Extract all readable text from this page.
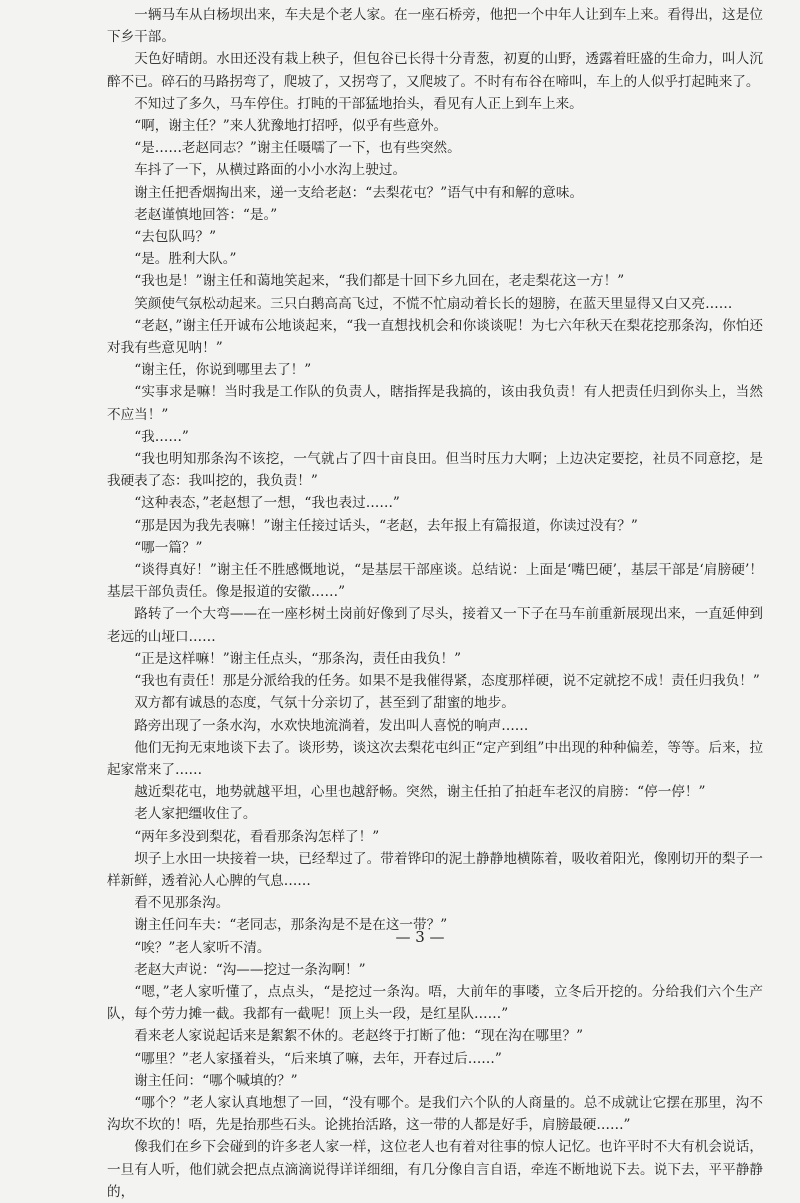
一辆马车从白杨坝出来，车夫是个老人家。在一座石桥旁，他把一个中年人让到车上来。看得出，这是位下乡干部。

天色好晴朗。水田还没有栽上秧子，但包谷已长得十分青葱，初夏的山野，透露着旺盛的生命力，叫人沉醉不已。碎石的马路拐弯了，爬坡了，又拐弯了，又爬坡了。不时有布谷在啼叫，车上的人似乎打起盹来了。

不知过了多久，马车停住。打盹的干部猛地抬头，看见有人正上到车上来。

“啊，谢主任？”来人犹豫地打招呼，似乎有些意外。

“是……老赵同志？”谢主任嗫嚅了一下，也有些突然。

车抖了一下，从横过路面的小小水沟上驶过。

谢主任把香烟掏出来，递一支给老赵：“去梨花屯？”语气中有和解的意味。

老赵谨慎地回答：“是。”

“去包队吗？”

“是。胜利大队。”

“我也是！”谢主任和蔼地笑起来，“我们都是十回下乡九回在，老走梨花这一方！”

笑颜使气氛松动起来。三只白鹅高高飞过，不慌不忙扇动着长长的翅膀，在蓝天里显得又白又亮……

“老赵，”谢主任开诚布公地谈起来，“我一直想找机会和你谈谈呢！为七六年秋天在梨花挖那条沟，你怕还对我有些意见呐！”

“谢主任，你说到哪里去了！”

“实事求是嘛！当时我是工作队的负责人，瞎指挥是我搞的，该由我负责！有人把责任归到你头上，当然不应当！”

“我……”

“我也明知那条沟不该挖，一气就占了四十亩良田。但当时压力大啊；上边决定要挖，社员不同意挖，是我硬表了态：我叫挖的，我负责！”

“这种表态，”老赵想了一想，“我也表过……”

“那是因为我先表嘛！”谢主任接过话头，“老赵，去年报上有篇报道，你读过没有？”

“哪一篇？”

“谈得真好！”谢主任不胜感慨地说，“是基层干部座谈。总结说：上面是‘嘴巴硬’，基层干部是‘肩膀硬’！基层干部负责任。像是报道的安徽……”

路转了一个大弯——在一座杉树土岗前好像到了尽头，接着又一下子在马车前重新展现出来，一直延伸到老远的山垭口……

“正是这样嘛！”谢主任点头，“那条沟，责任由我负！”

“我也有责任！那是分派给我的任务。如果不是我催得紧，态度那样硬，说不定就挖不成！责任归我负！”

双方都有诚恳的态度，气氛十分亲切了，甚至到了甜蜜的地步。

路旁出现了一条水沟，水欢快地流淌着，发出叫人喜悦的响声……

他们无拘无束地谈下去了。谈形势，谈这次去梨花屯纠正“定产到组”中出现的种种偏差，等等。后来，拉起家常来了……

越近梨花屯，地势就越平坦，心里也越舒畅。突然，谢主任拍了拍赶车老汉的肩膀：“停一停！”

老人家把缰收住了。

“两年多没到梨花，看看那条沟怎样了！”

坝子上水田一块接着一块，已经犁过了。带着铧印的泥土静静地横陈着，吸收着阳光，像刚切开的梨子一样新鲜，透着沁人心脾的气息……

看不见那条沟。

谢主任问车夫：“老同志，那条沟是不是在这一带？”

“唉？”老人家听不清。

老赵大声说：“沟——挖过一条沟啊！”

“嗯，”老人家听懂了，点点头，“是挖过一条沟。唔，大前年的事喽，立冬后开挖的。分给我们六个生产队，每个劳力摊一截。我都有一截呢！顶上头一段，是红星队……”

看来老人家说起话来是絮絮不休的。老赵终于打断了他：“现在沟在哪里？”

“哪里？”老人家搔着头，“后来填了嘛，去年，开春过后……”

谢主任问：“哪个喊填的？”

“哪个？”老人家认真地想了一回，“没有哪个。是我们六个队的人商量的。总不成就让它摆在那里，沟不沟坎不坎的！唔，先是抬那些石头。论挑抬活路，这一带的人都是好手，肩膀最硬……”

像我们在乡下会碰到的许多老人家一样，这位老人也有着对往事的惊人记忆。也许平时不大有机会说话，一旦有人听，他们就会把点点滴滴说得详详细细，有几分像自言自语，牵连不断地说下去。说下去，平平静静的，

— 3 —
